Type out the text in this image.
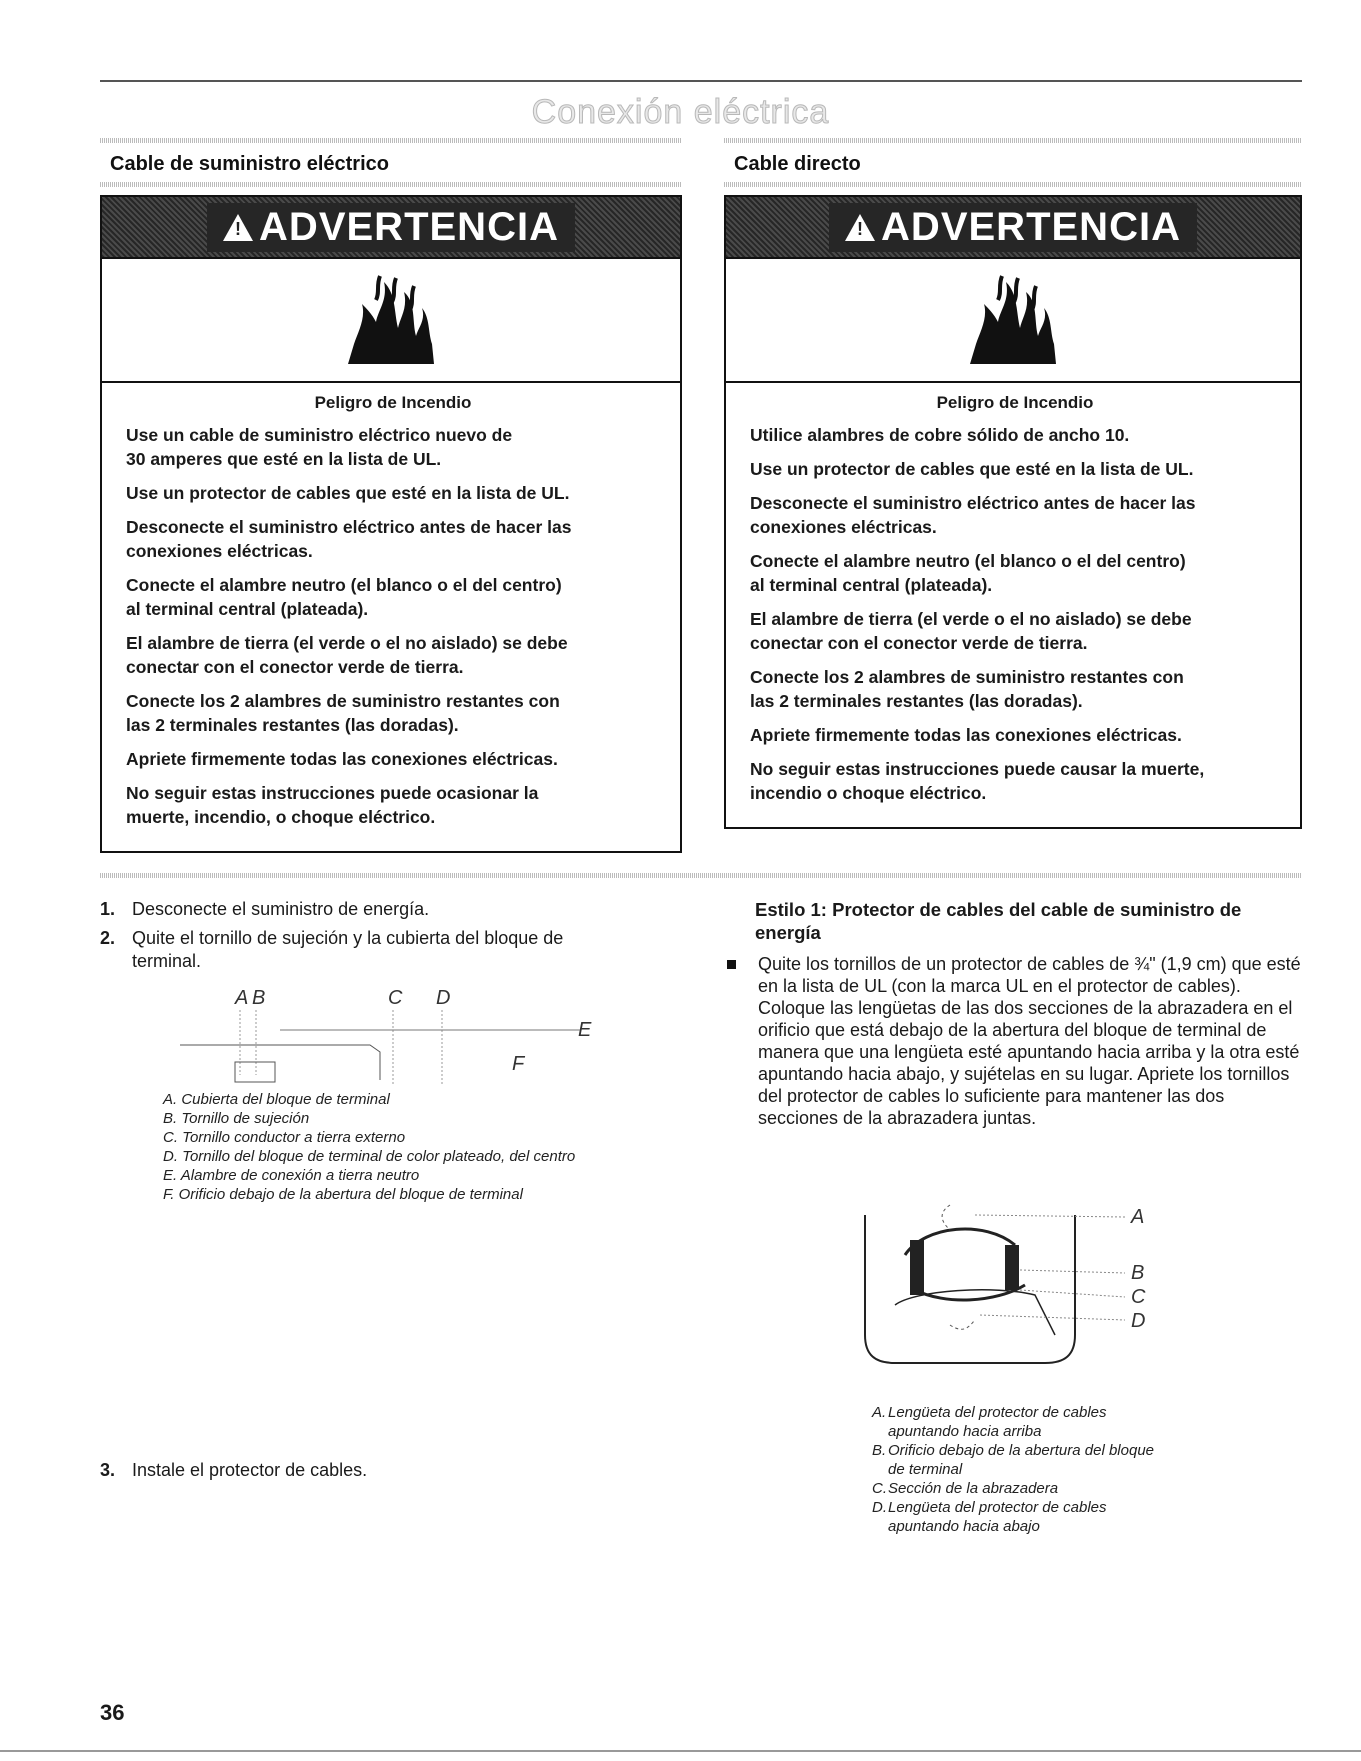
Conexión eléctrica
Cable de suministro eléctrico
! ADVERTENCIA
Peligro de Incendio

Use un cable de suministro eléctrico nuevo de
30 amperes que esté en la lista de UL.

Use un protector de cables que esté en la lista de UL.

Desconecte el suministro eléctrico antes de hacer las
conexiones eléctricas.

Conecte el alambre neutro (el blanco o el del centro)
al terminal central (plateada).

El alambre de tierra (el verde o el no aislado) se debe
conectar con el conector verde de tierra.

Conecte los 2 alambres de suministro restantes con
las 2 terminales restantes (las doradas).

Apriete firmemente todas las conexiones eléctricas.

No seguir estas instrucciones puede ocasionar la
muerte, incendio, o choque eléctrico.

Cable directo
! ADVERTENCIA
Peligro de Incendio

Utilice alambres de cobre sólido de ancho 10.

Use un protector de cables que esté en la lista de UL.

Desconecte el suministro eléctrico antes de hacer las
conexiones eléctricas.

Conecte el alambre neutro (el blanco o el del centro)
al terminal central (plateada).

El alambre de tierra (el verde o el no aislado) se debe
conectar con el conector verde de tierra.

Conecte los 2 alambres de suministro restantes con
las 2 terminales restantes (las doradas).

Apriete firmemente todas las conexiones eléctricas.

No seguir estas instrucciones puede causar la muerte,
incendio o choque eléctrico.

1. Desconecte el suministro de energía.
2. Quite el tornillo de sujeción y la cubierta del bloque de
terminal.
A B	C D
E
F
A. Cubierta del bloque de terminal
B. Tornillo de sujeción
C. Tornillo conductor a tierra externo
D. Tornillo del bloque de terminal de color plateado, del centro
E. Alambre de conexión a tierra neutro
F. Orificio debajo de la abertura del bloque de terminal
3. Instale el protector de cables.
Estilo 1: Protector de cables del cable de suministro de energía
Quite los tornillos de un protector de cables de ¾" (1,9 cm) que esté en la lista de UL (con la marca UL en el protector de cables). Coloque las lengüetas de las dos secciones de la abrazadera en el orificio que está debajo de la abertura del bloque de terminal de manera que una lengüeta esté apuntando hacia arriba y la otra esté apuntando hacia abajo, y sujételas en su lugar. Apriete los tornillos del protector de cables lo suficiente para mantener las dos secciones de la abrazadera juntas.
A
B
C
D
A. Lengüeta del protector de cables apuntando hacia arriba
B. Orificio debajo de la abertura del bloque de terminal
C. Sección de la abrazadera
D. Lengüeta del protector de cables apuntando hacia abajo
36
